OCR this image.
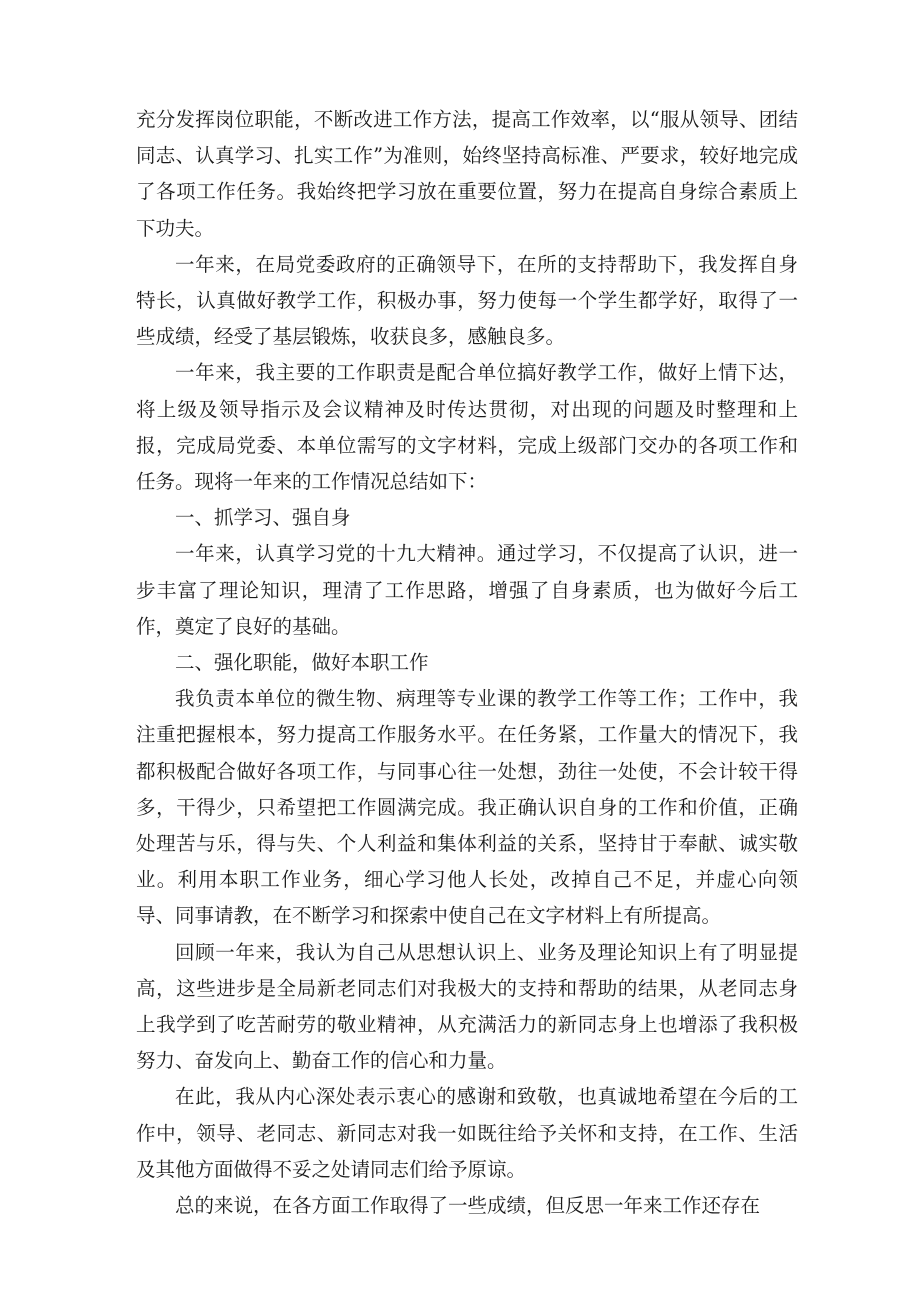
充分发挥岗位职能，不断改进工作方法，提高工作效率，以“服从领导、团结同志、认真学习、扎实工作”为准则，始终坚持高标准、严要求，较好地完成了各项工作任务。我始终把学习放在重要位置，努力在提高自身综合素质上下功夫。

一年来，在局党委政府的正确领导下，在所的支持帮助下，我发挥自身特长，认真做好教学工作，积极办事，努力使每一个学生都学好，取得了一些成绩，经受了基层锻炼，收获良多，感触良多。

一年来，我主要的工作职责是配合单位搞好教学工作，做好上情下达，将上级及领导指示及会议精神及时传达贯彻，对出现的问题及时整理和上报，完成局党委、本单位需写的文字材料，完成上级部门交办的各项工作和任务。现将一年来的工作情况总结如下：

一、抓学习、强自身

一年来，认真学习党的十九大精神。通过学习，不仅提高了认识，进一步丰富了理论知识，理清了工作思路，增强了自身素质，也为做好今后工作，奠定了良好的基础。

二、强化职能，做好本职工作

我负责本单位的微生物、病理等专业课的教学工作等工作；工作中，我注重把握根本，努力提高工作服务水平。在任务紧，工作量大的情况下，我都积极配合做好各项工作，与同事心往一处想，劲往一处使，不会计较干得多，干得少，只希望把工作圆满完成。我正确认识自身的工作和价值，正确处理苦与乐，得与失、个人利益和集体利益的关系，坚持甘于奉献、诚实敬业。利用本职工作业务，细心学习他人长处，改掉自己不足，并虚心向领导、同事请教，在不断学习和探索中使自己在文字材料上有所提高。

回顾一年来，我认为自己从思想认识上、业务及理论知识上有了明显提高，这些进步是全局新老同志们对我极大的支持和帮助的结果，从老同志身上我学到了吃苦耐劳的敬业精神，从充满活力的新同志身上也增添了我积极努力、奋发向上、勤奋工作的信心和力量。

在此，我从内心深处表示衷心的感谢和致敬，也真诚地希望在今后的工作中，领导、老同志、新同志对我一如既往给予关怀和支持，在工作、生活及其他方面做得不妥之处请同志们给予原谅。

总的来说，在各方面工作取得了一些成绩，但反思一年来工作还存在
